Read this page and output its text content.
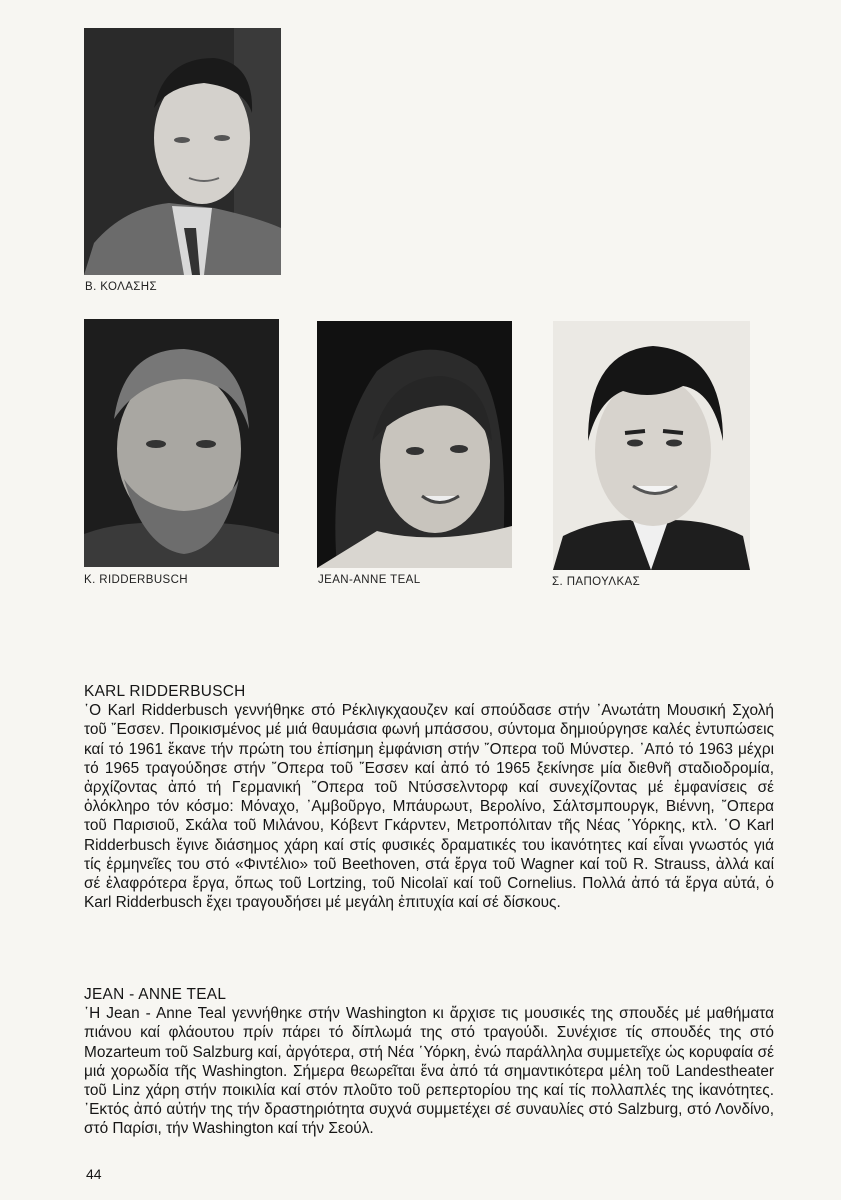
Β. ΚΟΛΑΣΗΣ
K. RIDDERBUSCH	JEAN-ANNE TEAL	Σ. ΠΑΠΟΥΛΚΑΣ
KARL RIDDERBUSCH

῾Ο Karl Ridderbusch γεννήθηκε στό Ρέκλιγκχαουζεν καί σπούδασε στήν ᾿Ανωτάτη Μουσική Σχολή τοῦ ῎Εσσεν. Προικισμένος μέ μιά θαυμάσια φωνή μπάσσου, σύντομα δημιούργησε καλές ἐντυπώσεις καί τό 1961 ἔκανε τήν πρώτη του ἐπίσημη ἐμφάνιση στήν ῎Οπερα τοῦ Μύνστερ. ᾿Από τό 1963 μέχρι τό 1965 τραγούδησε στήν ῎Οπερα τοῦ ῎Εσσεν καί ἀπό τό 1965 ξεκίνησε μία διεθνῆ σταδιοδρομία, ἀρχίζοντας ἀπό τή Γερμανική ῎Οπερα τοῦ Ντύσσελντορφ καί συνεχίζοντας μέ ἐμφανίσεις σέ ὁλόκληρο τόν κόσμο: Μόναχο, ᾿Αμβοῦργο, Μπάυρωυτ, Βερολίνο, Σάλτσμπουργκ, Βιέννη, ῎Οπερα τοῦ Παρισιοῦ, Σκάλα τοῦ Μιλάνου, Κόβεντ Γκάρντεν, Μετροπόλιταν τῆς Νέας ῾Υόρκης, κτλ. ῾Ο Karl Ridderbusch ἔγινε διάσημος χάρη καί στίς φυσικές δραματικές του ἱκανότητες καί εἶναι γνωστός γιά τίς ἑρμηνεῖες του στό «Φιντέλιο» τοῦ Beethoven, στά ἔργα τοῦ Wagner καί τοῦ R. Strauss, ἀλλά καί σέ ἐλαφρότερα ἔργα, ὅπως τοῦ Lortzing, τοῦ Nicolaï καί τοῦ Cornelius. Πολλά ἀπό τά ἔργα αὐτά, ὁ Karl Ridderbusch ἔχει τραγουδήσει μέ μεγάλη ἐπιτυχία καί σέ δίσκους.

JEAN - ANNE TEAL

῾Η Jean - Anne Teal γεννήθηκε στήν Washington κι ἄρχισε τις μουσικές της σπουδές μέ μαθήματα πιάνου καί φλάουτου πρίν πάρει τό δίπλωμά της στό τραγούδι. Συνέχισε τίς σπουδές της στό Mozarteum τοῦ Salzburg καί, ἀργότερα, στή Νέα ῾Υόρκη, ἐνώ παράλληλα συμμετεῖχε ὡς κορυφαία σέ μιά χορωδία τῆς Washington. Σήμερα θεωρεῖται ἕνα ἀπό τά σημαντικότερα μέλη τοῦ Landestheater τοῦ Linz χάρη στήν ποικιλία καί στόν πλοῦτο τοῦ ρεπερτορίου της καί τίς πολλαπλές της ἱκανότητες. ᾿Εκτός ἀπό αὐτήν της τήν δραστηριότητα συχνά συμμετέχει σέ συναυλίες στό Salzburg, στό Λονδίνο, στό Παρίσι, τήν Washington καί τήν Σεούλ.

44
